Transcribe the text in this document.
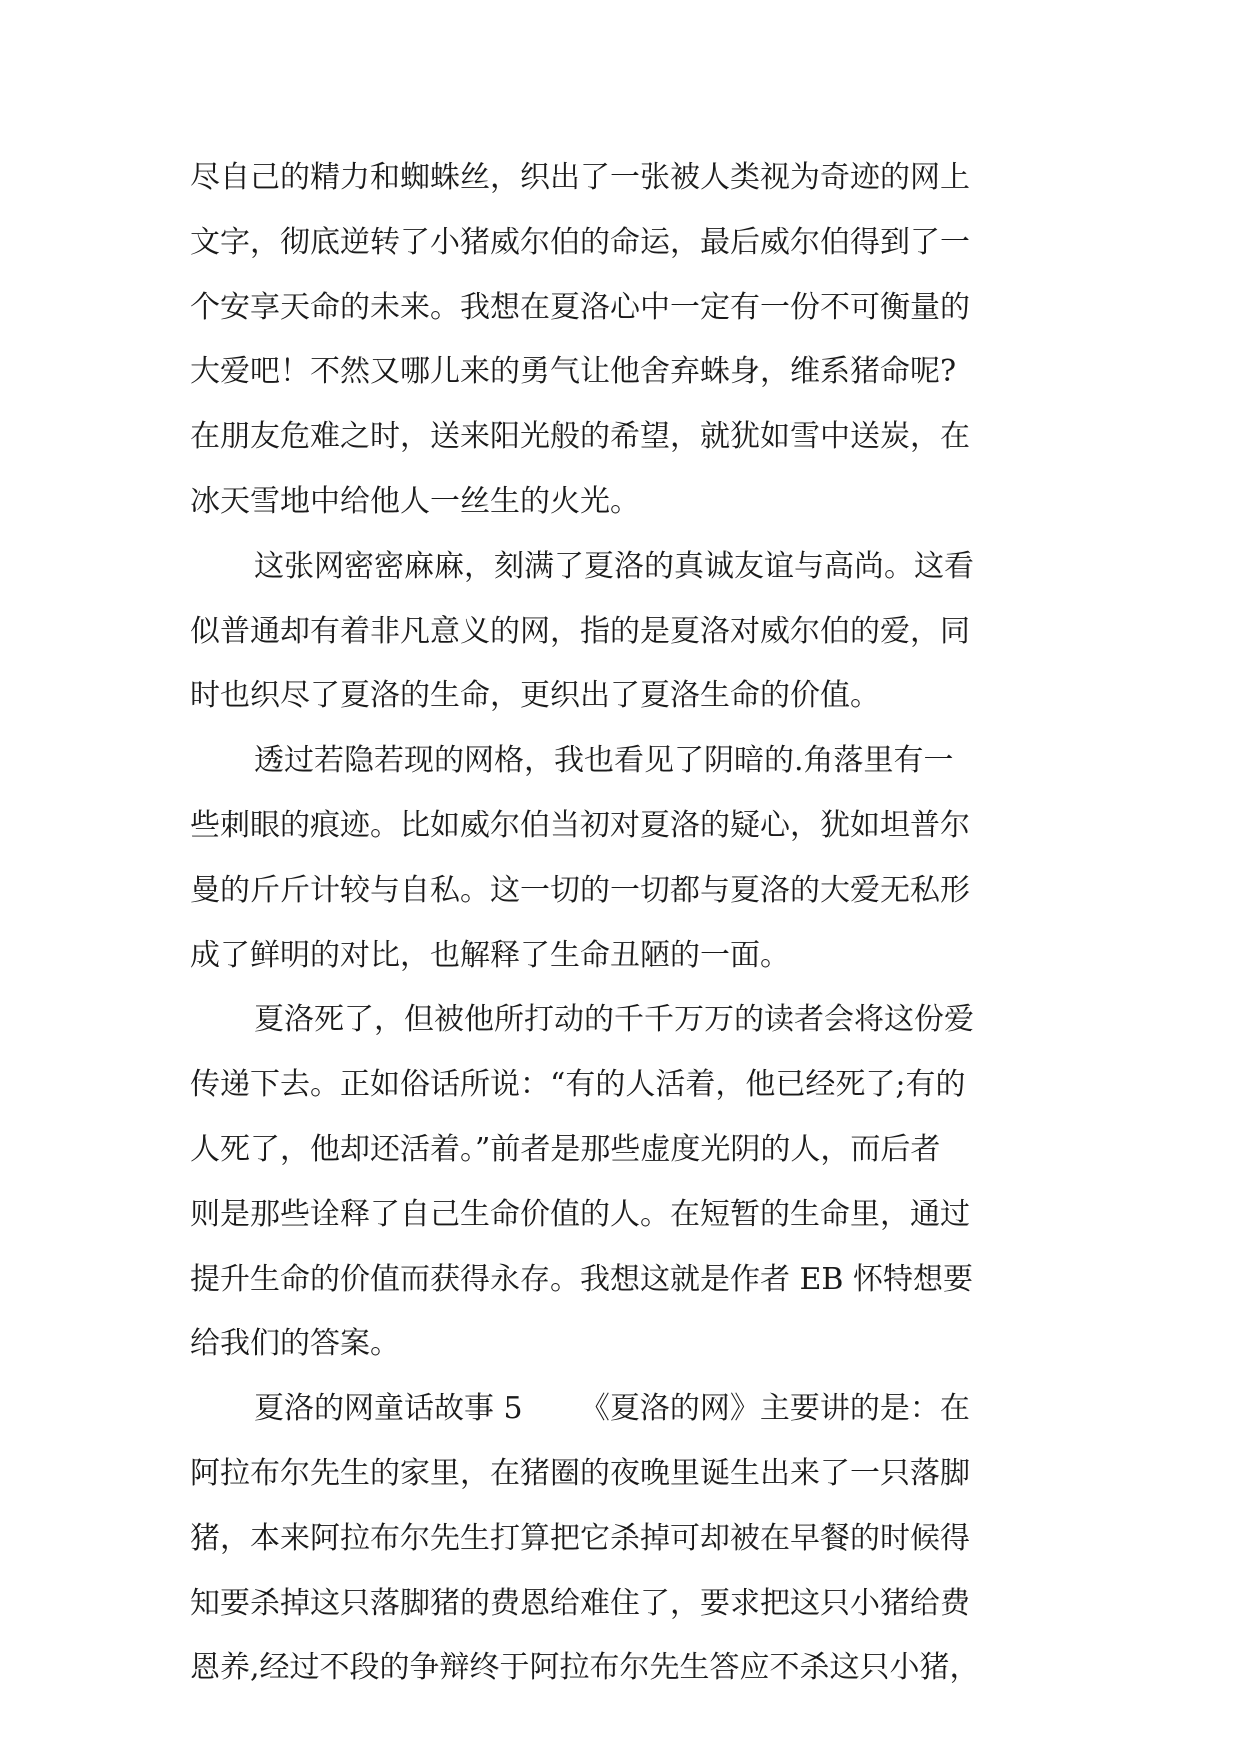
尽自己的精力和蜘蛛丝，织出了一张被人类视为奇迹的网上
文字，彻底逆转了小猪威尔伯的命运，最后威尔伯得到了一
个安享天命的未来。我想在夏洛心中一定有一份不可衡量的
大爱吧！不然又哪儿来的勇气让他舍弃蛛身，维系猪命呢?
在朋友危难之时，送来阳光般的希望，就犹如雪中送炭，在
冰天雪地中给他人一丝生的火光。
这张网密密麻麻，刻满了夏洛的真诚友谊与高尚。这看
似普通却有着非凡意义的网，指的是夏洛对威尔伯的爱，同
时也织尽了夏洛的生命，更织出了夏洛生命的价值。
透过若隐若现的网格，我也看见了阴暗的.角落里有一
些刺眼的痕迹。比如威尔伯当初对夏洛的疑心，犹如坦普尔
曼的斤斤计较与自私。这一切的一切都与夏洛的大爱无私形
成了鲜明的对比，也解释了生命丑陋的一面。
夏洛死了，但被他所打动的千千万万的读者会将这份爱
传递下去。正如俗话所说：“有的人活着，他已经死了;有的
人死了，他却还活着。”前者是那些虚度光阴的人，而后者
则是那些诠释了自己生命价值的人。在短暂的生命里，通过
提升生命的价值而获得永存。我想这就是作者 EB 怀特想要
给我们的答案。
夏洛的网童话故事 5      《夏洛的网》主要讲的是：在
阿拉布尔先生的家里，在猪圈的夜晚里诞生出来了一只落脚
猪，本来阿拉布尔先生打算把它杀掉可却被在早餐的时候得
知要杀掉这只落脚猪的费恩给难住了，要求把这只小猪给费
恩养,经过不段的争辩终于阿拉布尔先生答应不杀这只小猪，
